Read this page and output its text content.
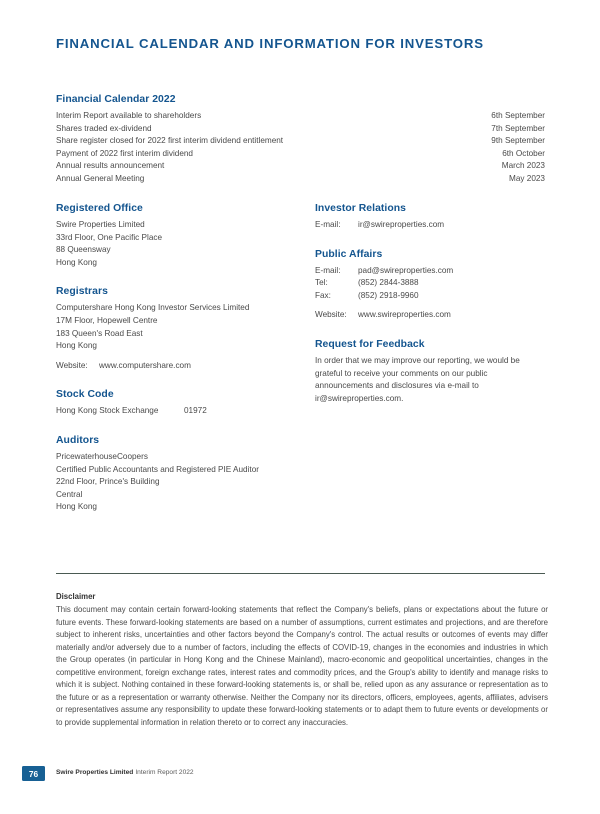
FINANCIAL CALENDAR AND INFORMATION FOR INVESTORS
Financial Calendar 2022
Interim Report available to shareholders	6th September
Shares traded ex-dividend	7th September
Share register closed for 2022 first interim dividend entitlement	9th September
Payment of 2022 first interim dividend	6th October
Annual results announcement	March 2023
Annual General Meeting	May 2023
Registered Office
Swire Properties Limited
33rd Floor, One Pacific Place
88 Queensway
Hong Kong
Registrars
Computershare Hong Kong Investor Services Limited
17M Floor, Hopewell Centre
183 Queen's Road East
Hong Kong
Website:	www.computershare.com
Stock Code
Hong Kong Stock Exchange	01972
Auditors
PricewaterhouseCoopers
Certified Public Accountants and Registered PIE Auditor
22nd Floor, Prince's Building
Central
Hong Kong
Investor Relations
E-mail:	ir@swireproperties.com
Public Affairs
E-mail:	pad@swireproperties.com
Tel:	(852) 2844-3888
Fax:	(852) 2918-9960
Website:	www.swireproperties.com
Request for Feedback
In order that we may improve our reporting, we would be grateful to receive your comments on our public announcements and disclosures via e-mail to ir@swireproperties.com.
Disclaimer
This document may contain certain forward-looking statements that reflect the Company's beliefs, plans or expectations about the future or future events. These forward-looking statements are based on a number of assumptions, current estimates and projections, and are therefore subject to inherent risks, uncertainties and other factors beyond the Company's control. The actual results or outcomes of events may differ materially and/or adversely due to a number of factors, including the effects of COVID-19, changes in the economies and industries in which the Group operates (in particular in Hong Kong and the Chinese Mainland), macro-economic and geopolitical uncertainties, changes in the competitive environment, foreign exchange rates, interest rates and commodity prices, and the Group's ability to identify and manage risks to which it is subject. Nothing contained in these forward-looking statements is, or shall be, relied upon as any assurance or representation as to the future or as a representation or warranty otherwise. Neither the Company nor its directors, officers, employees, agents, affiliates, advisers or representatives assume any responsibility to update these forward-looking statements or to adapt them to future events or developments or to provide supplemental information in relation thereto or to correct any inaccuracies.
76	Swire Properties Limited Interim Report 2022
